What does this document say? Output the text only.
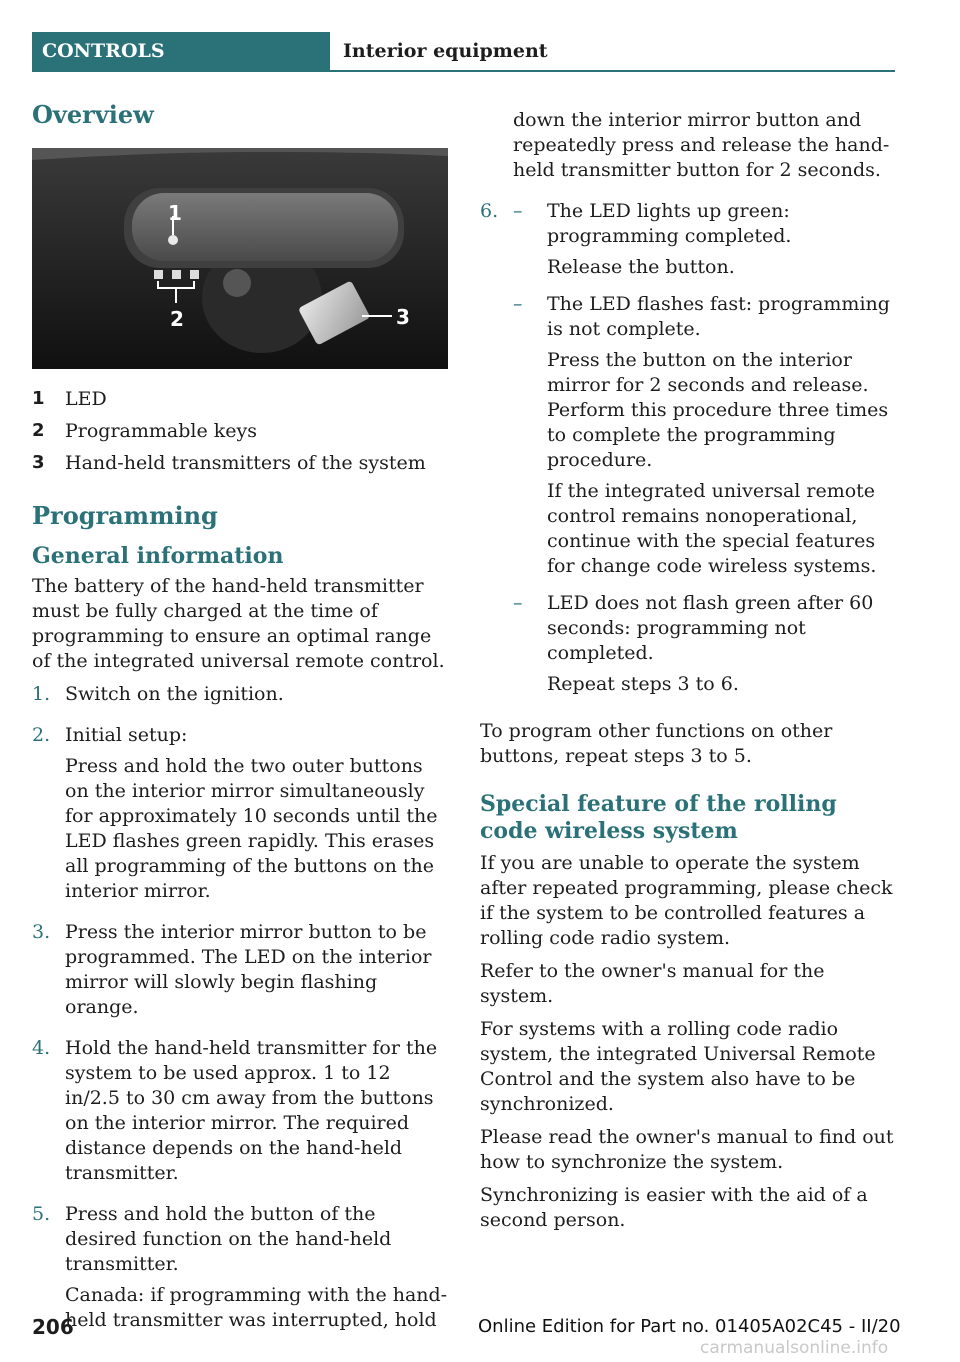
CONTROLS	Interior equipment
Overview
1
2	3
1	LED
2	Programmable keys
3	Hand-held transmitters of the system
Programming
General information

The battery of the hand-held transmitter must be fully charged at the time of programming to ensure an optimal range of the integrated universal remote control.

1. Switch on the ignition.

2. Initial setup:

Press and hold the two outer buttons on the interior mirror simultaneously for approximately 10 seconds until the LED flashes green rapidly. This erases all programming of the buttons on the interior mirror.

3. Press the interior mirror button to be programmed. The LED on the interior mirror will slowly begin flashing orange.

4. Hold the hand-held transmitter for the system to be used approx. 1 to 12 in/2.5 to 30 cm away from the buttons on the interior mirror. The required distance depends on the hand-held transmitter.

5. Press and hold the button of the desired function on the hand-held transmitter.

Canada: if programming with the hand-held transmitter was interrupted, hold

down the interior mirror button and repeatedly press and release the hand-held transmitter button for 2 seconds.

6. –	The LED lights up green: programming completed.

Release the button.

–	The LED flashes fast: programming is not complete.

Press the button on the interior mirror for 2 seconds and release. Perform this procedure three times to complete the programming procedure.

If the integrated universal remote control remains nonoperational, continue with the special features for change code wireless systems.

–	LED does not flash green after 60 seconds: programming not completed.

Repeat steps 3 to 6.

To program other functions on other buttons, repeat steps 3 to 5.

Special feature of the rolling code wireless system

If you are unable to operate the system after repeated programming, please check if the system to be controlled features a rolling code radio system.

Refer to the owner's manual for the system.

For systems with a rolling code radio system, the integrated Universal Remote Control and the system also have to be synchronized.

Please read the owner's manual to find out how to synchronize the system.

Synchronizing is easier with the aid of a second person.

206	Online Edition for Part no. 01405A02C45 - II/20
carmanualsonline.info
